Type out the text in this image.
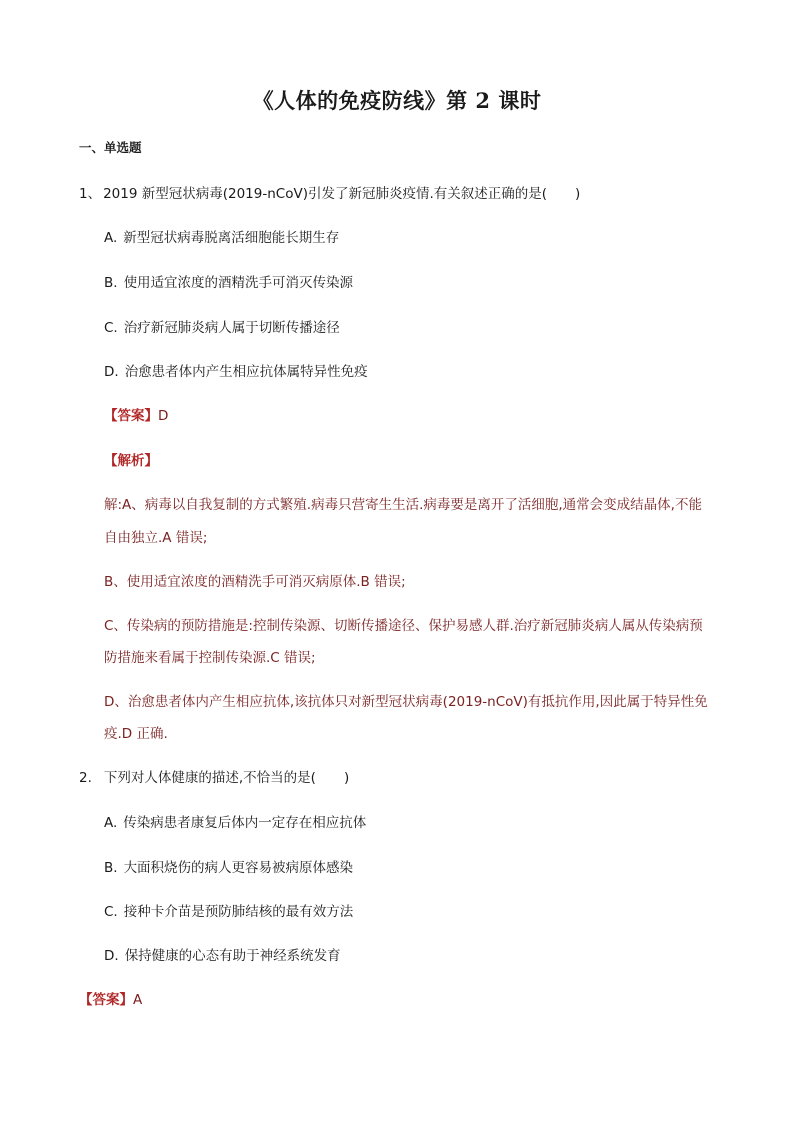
《人体的免疫防线》第 2 课时
一、单选题
1、 2019 新型冠状病毒(2019-nCoV)引发了新冠肺炎疫情.有关叙述正确的是(　　 )
A. 新型冠状病毒脱离活细胞能长期生存
B. 使用适宜浓度的酒精洗手可消灭传染源
C. 治疗新冠肺炎病人属于切断传播途径
D. 治愈患者体内产生相应抗体属特异性免疫
【答案】D
【解析】
解:A、病毒以自我复制的方式繁殖.病毒只营寄生生活.病毒要是离开了活细胞,通常会变成结晶体,不能
自由独立.A 错误;
B、使用适宜浓度的酒精洗手可消灭病原体.B 错误;
C、传染病的预防措施是:控制传染源、切断传播途径、保护易感人群.治疗新冠肺炎病人属从传染病预
防措施来看属于控制传染源.C 错误;
D、治愈患者体内产生相应抗体,该抗体只对新型冠状病毒(2019-nCoV)有抵抗作用,因此属于特异性免
疫.D 正确.
2. 下列对人体健康的描述,不恰当的是(　　 )
A. 传染病患者康复后体内一定存在相应抗体
B. 大面积烧伤的病人更容易被病原体感染
C. 接种卡介苗是预防肺结核的最有效方法
D. 保持健康的心态有助于神经系统发育
【答案】A
